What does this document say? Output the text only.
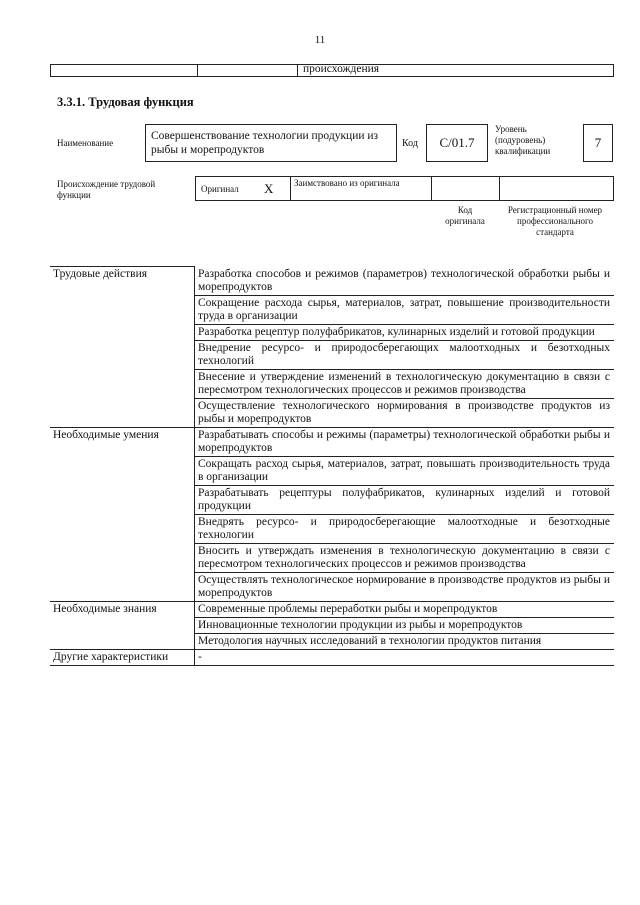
11
происхождения
3.3.1. Трудовая функция
Наименование
Совершенствование технологии продукции из рыбы и морепродуктов
Код	С/01.7
Уровень (подуровень) квалификации
7
Происхождение трудовой функции
Оригинал X Заимствовано из оригинала
Код оригинала
Регистрационный номер профессионального стандарта
Трудовые действия	Разработка способов и режимов (параметров) технологической обработки рыбы и морепродуктов
	Сокращение расхода сырья, материалов, затрат, повышение производительности труда в организации
	Разработка рецептур полуфабрикатов, кулинарных изделий и готовой продукции
	Внедрение ресурсо- и природосберегающих малоотходных и безотходных технологий
	Внесение и утверждение изменений в технологическую документацию в связи с пересмотром технологических процессов и режимов производства
	Осуществление технологического нормирования в производстве продуктов из рыбы и морепродуктов
Необходимые умения	Разрабатывать способы и режимы (параметры) технологической обработки рыбы и морепродуктов
	Сокращать расход сырья, материалов, затрат, повышать производительность труда в организации
	Разрабатывать рецептуры полуфабрикатов, кулинарных изделий и готовой продукции
	Внедрять ресурсо- и природосберегающие малоотходные и безотходные технологии
	Вносить и утверждать изменения в технологическую документацию в связи с пересмотром технологических процессов и режимов производства
	Осуществлять технологическое нормирование в производстве продуктов из рыбы и морепродуктов
Необходимые знания	Современные проблемы переработки рыбы и морепродуктов
	Инновационные технологии продукции из рыбы и морепродуктов
	Методология научных исследований в технологии продуктов питания
Другие характеристики	-
